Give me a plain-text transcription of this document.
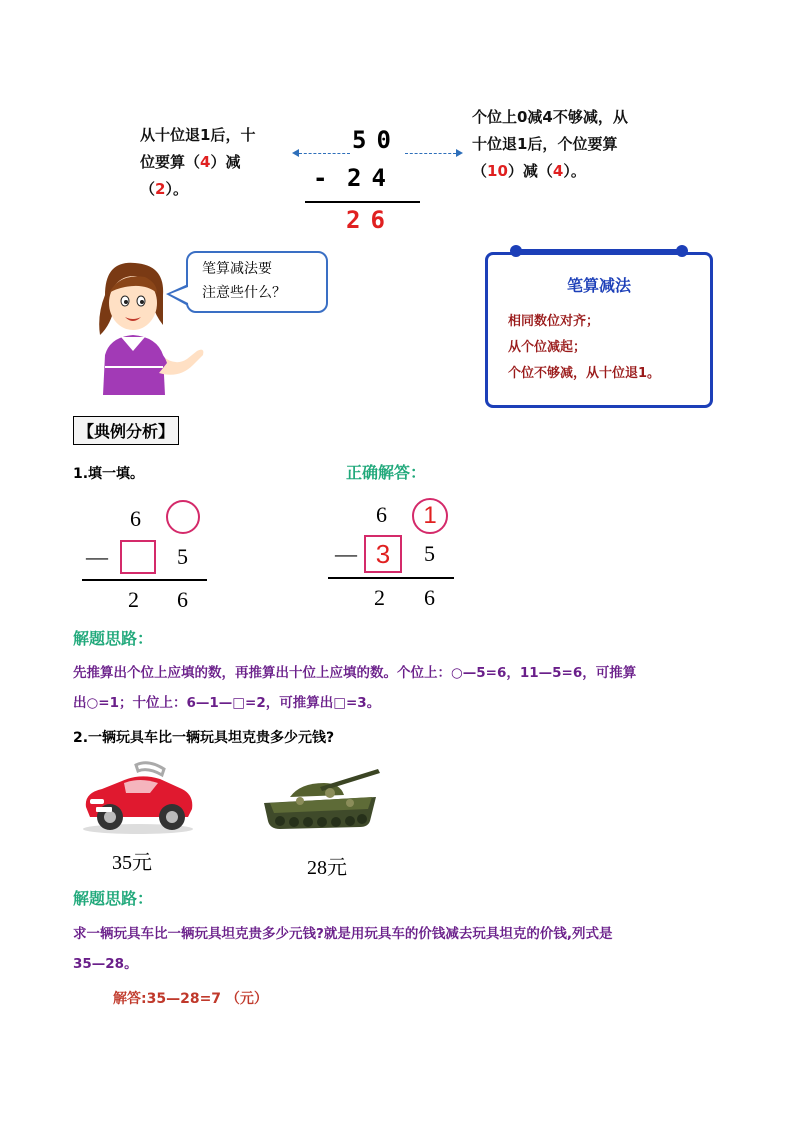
从十位退1后，十
位要算（4）减
（2）。
50
- 24
26
个位上0减4不够减，从
十位退1后，个位要算
（10）减（4）。
笔算减法要
注意些什么？	笔算减法
相同数位对齐；
从个位减起；
个位不够减，从十位退1。
【典例分析】
1.填一填。	正确解答：
6
—	5
2 6
6	1
— 3	5
2 6
解题思路：
先推算出个位上应填的数，再推算出十位上应填的数。个位上：○—5=6，11—5=6，可推算
出○=1；十位上：6—1—□=2，可推算出□=3。
2.一辆玩具车比一辆玩具坦克贵多少元钱?
35元	28元
解题思路：
求一辆玩具车比一辆玩具坦克贵多少元钱?就是用玩具车的价钱减去玩具坦克的价钱,列式是
35—28。
解答:35—28=7 （元）
